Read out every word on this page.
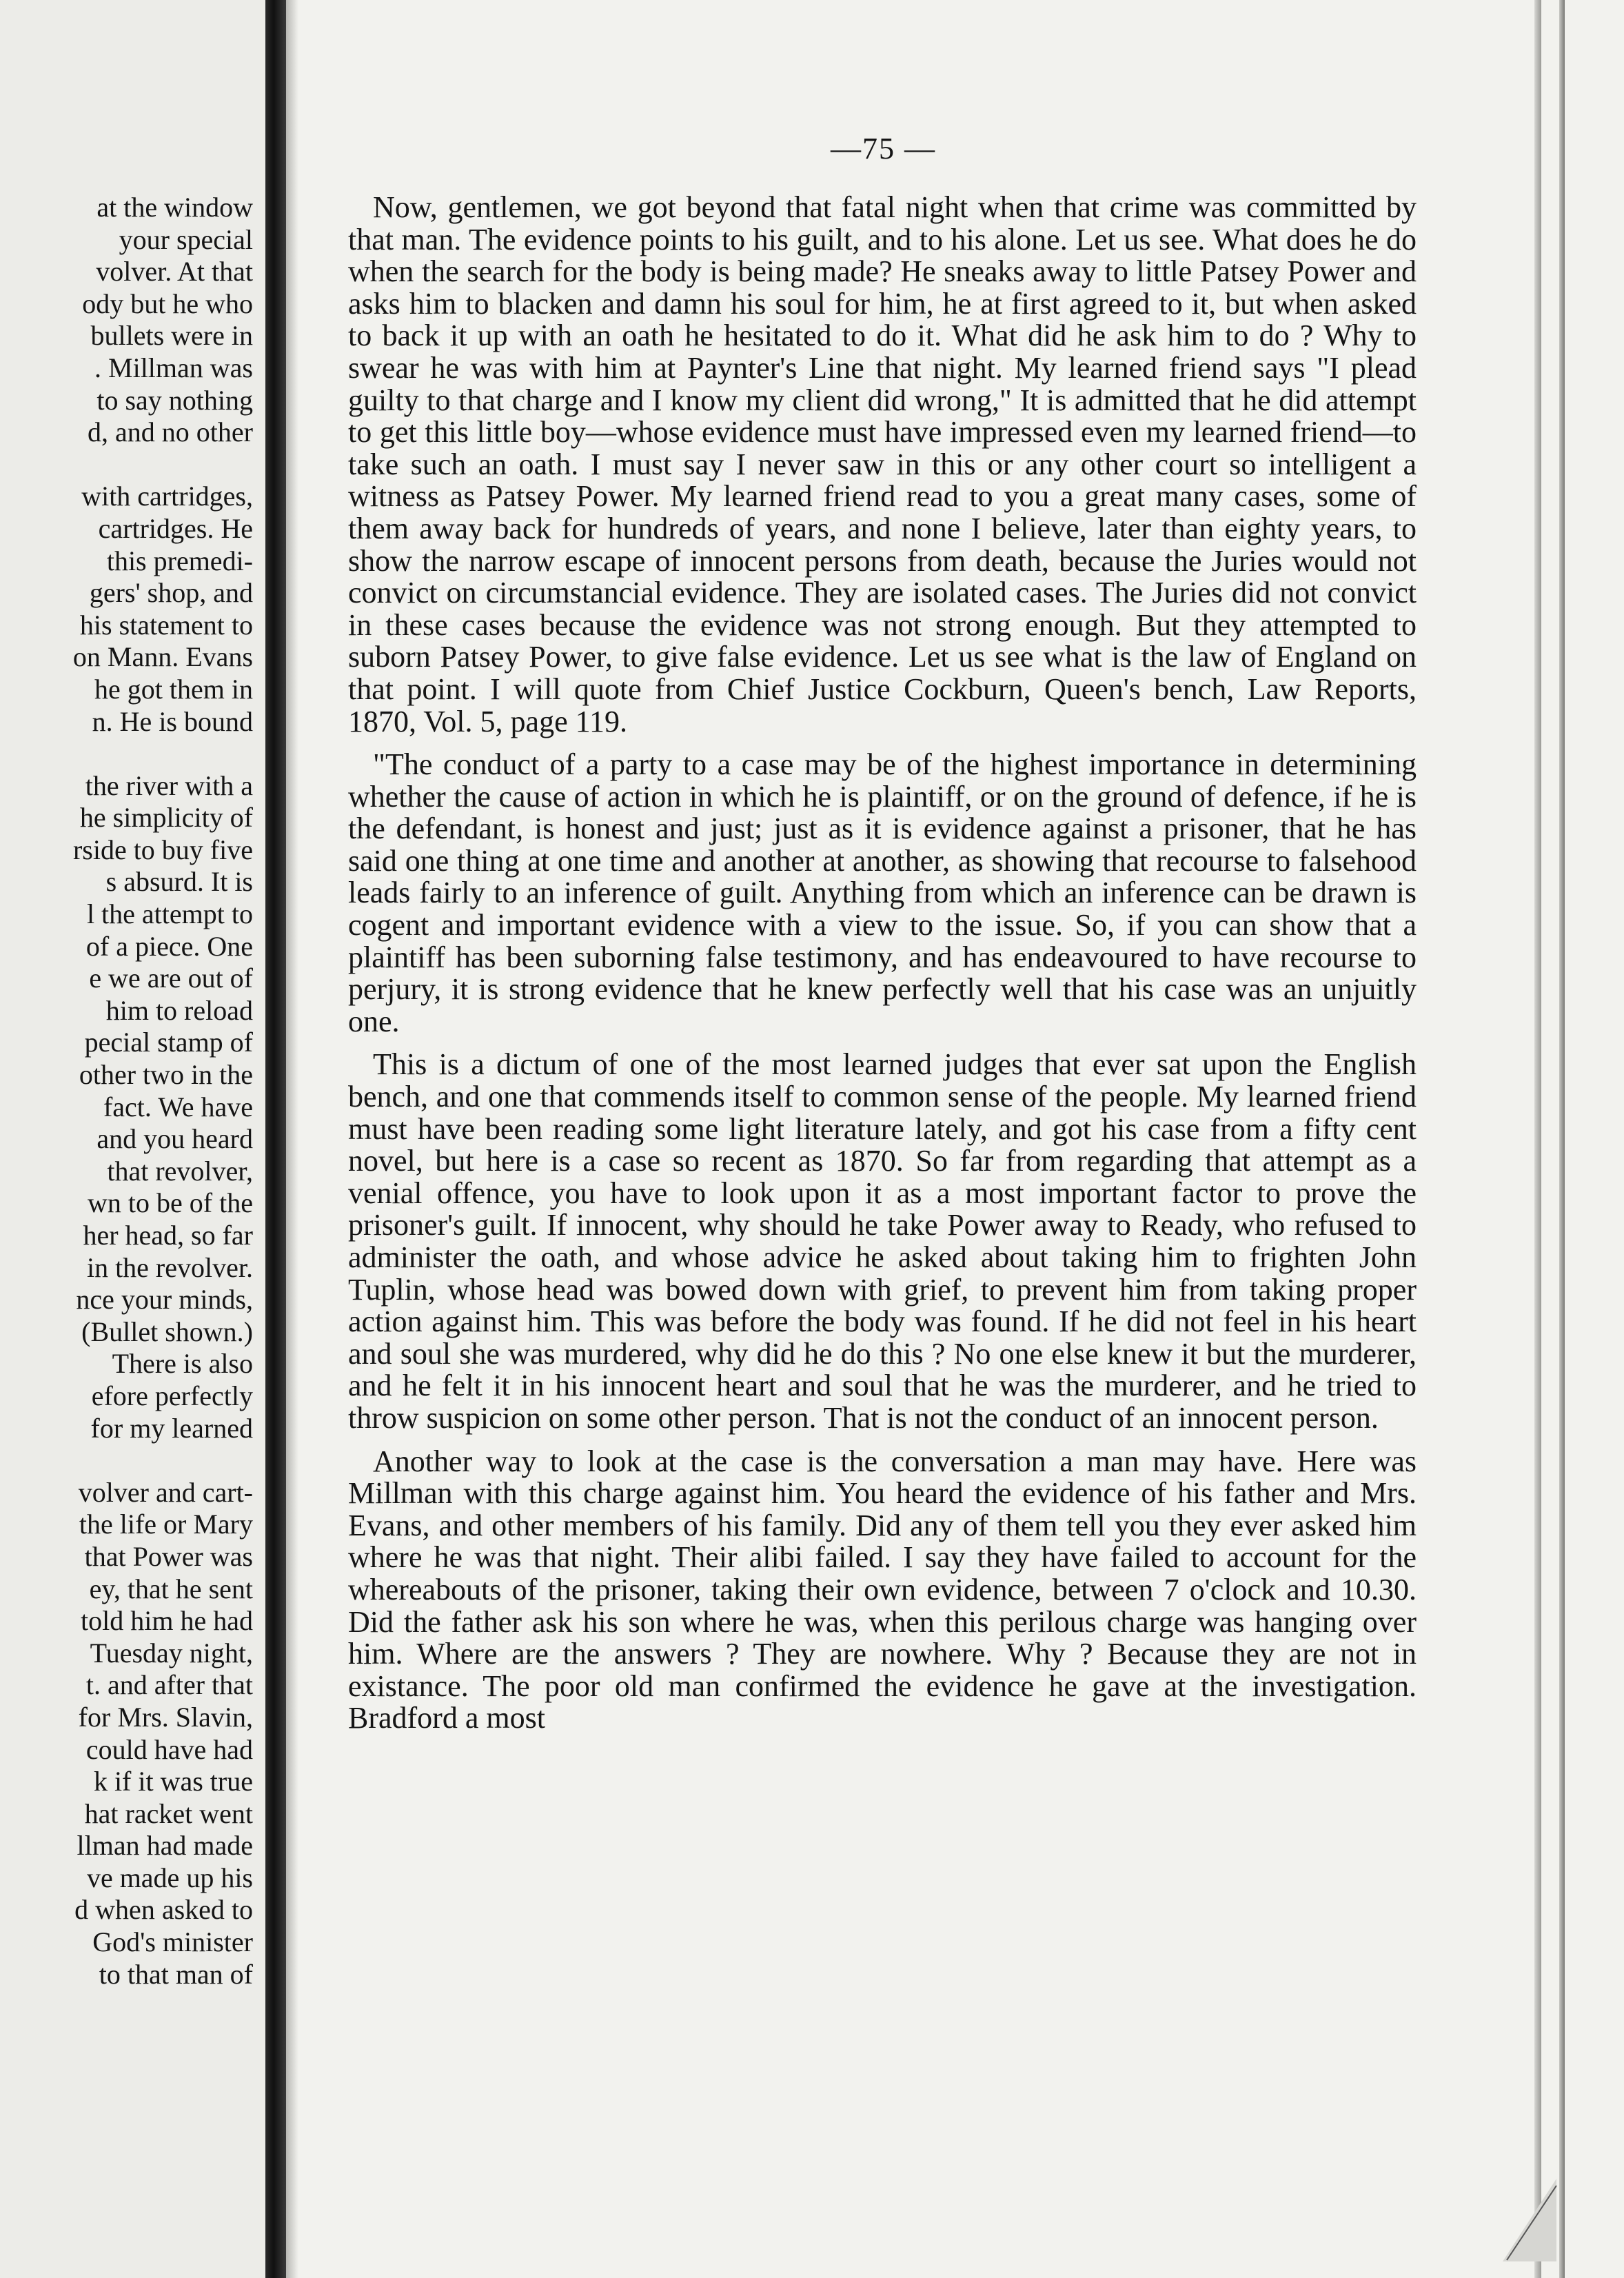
at the window
your special
volver. At that
ody but he who
bullets were in
. Millman was
to say nothing
d, and no other
with cartridges,
cartridges. He
this premedi-
gers' shop, and
his statement to
on Mann. Evans
he got them in
n. He is bound
the river with a
he simplicity of
rside to buy five
s absurd. It is
l the attempt to
of a piece. One
e we are out of
him to reload
pecial stamp of
other two in the
fact. We have
and you heard
that revolver,
wn to be of the
her head, so far
in the revolver.
nce your minds,
(Bullet shown.)
There is also
efore perfectly
for my learned
volver and cart-
the life or Mary
that Power was
ey, that he sent
told him he had
Tuesday night,
t. and after that
for Mrs. Slavin,
could have had
k if it was true
hat racket went
llman had made
ve made up his
d when asked to
God's minister
to that man of
—75 —

Now, gentlemen, we got beyond that fatal night when that crime was committed by that man. The evidence points to his guilt, and to his alone. Let us see. What does he do when the search for the body is being made? He sneaks away to little Patsey Power and asks him to blacken and damn his soul for him, he at first agreed to it, but when asked to back it up with an oath he hesitated to do it. What did he ask him to do ? Why to swear he was with him at Paynter's Line that night. My learned friend says "I plead guilty to that charge and I know my client did wrong," It is admitted that he did attempt to get this little boy—whose evidence must have impressed even my learned friend—to take such an oath. I must say I never saw in this or any other court so intelligent a witness as Patsey Power. My learned friend read to you a great many cases, some of them away back for hundreds of years, and none I believe, later than eighty years, to show the narrow escape of innocent persons from death, because the Juries would not convict on circumstancial evidence. They are isolated cases. The Juries did not convict in these cases because the evidence was not strong enough. But they attempted to suborn Patsey Power, to give false evidence. Let us see what is the law of England on that point. I will quote from Chief Justice Cockburn, Queen's bench, Law Reports, 1870, Vol. 5, page 119.

"The conduct of a party to a case may be of the highest importance in determining whether the cause of action in which he is plaintiff, or on the ground of defence, if he is the defendant, is honest and just; just as it is evidence against a prisoner, that he has said one thing at one time and another at another, as showing that recourse to falsehood leads fairly to an inference of guilt. Anything from which an inference can be drawn is cogent and important evidence with a view to the issue. So, if you can show that a plaintiff has been suborning false testimony, and has endeavoured to have recourse to perjury, it is strong evidence that he knew perfectly well that his case was an unjuitly one.

This is a dictum of one of the most learned judges that ever sat upon the English bench, and one that commends itself to common sense of the people. My learned friend must have been reading some light literature lately, and got his case from a fifty cent novel, but here is a case so recent as 1870. So far from regarding that attempt as a venial offence, you have to look upon it as a most important factor to prove the prisoner's guilt. If innocent, why should he take Power away to Ready, who refused to administer the oath, and whose advice he asked about taking him to frighten John Tuplin, whose head was bowed down with grief, to prevent him from taking proper action against him. This was before the body was found. If he did not feel in his heart and soul she was murdered, why did he do this ? No one else knew it but the murderer, and he felt it in his innocent heart and soul that he was the murderer, and he tried to throw suspicion on some other person. That is not the conduct of an innocent person.

Another way to look at the case is the conversation a man may have. Here was Millman with this charge against him. You heard the evidence of his father and Mrs. Evans, and other members of his family. Did any of them tell you they ever asked him where he was that night. Their alibi failed. I say they have failed to account for the whereabouts of the prisoner, taking their own evidence, between 7 o'clock and 10.30. Did the father ask his son where he was, when this perilous charge was hanging over him. Where are the answers ? They are nowhere. Why ? Because they are not in existance. The poor old man confirmed the evidence he gave at the investigation. Bradford a most
